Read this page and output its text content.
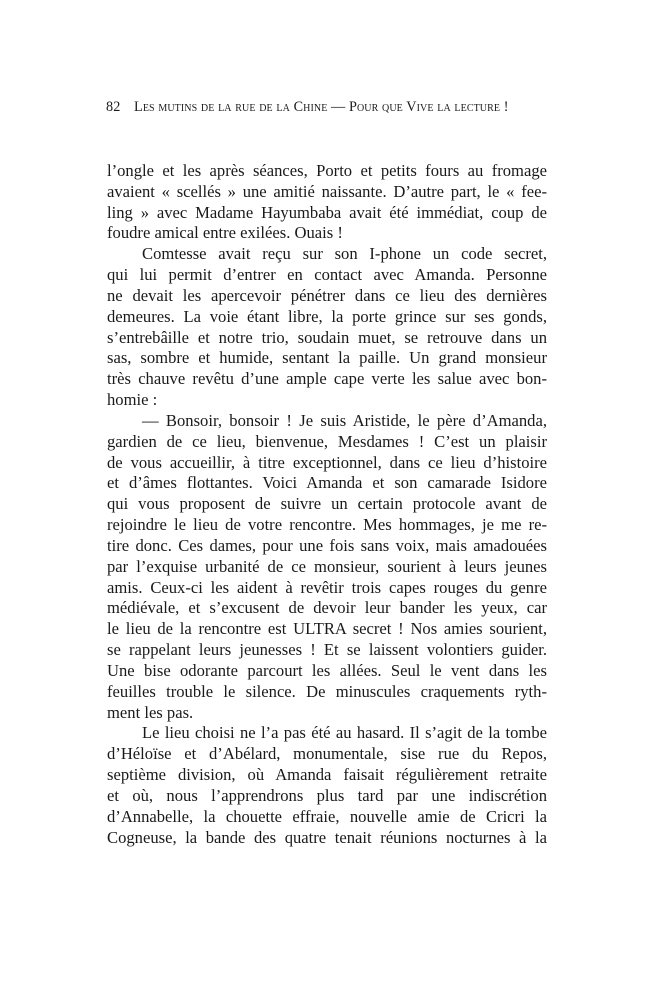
82 Les mutins de la rue de la Chine — Pour que Vive la lecture !
l’ongle et les après séances, Porto et petits fours au fromage
avaient « scellés » une amitié naissante. D’autre part, le « fee-
ling » avec Madame Hayumbaba avait été immédiat, coup de
foudre amical entre exilées. Ouais !
Comtesse avait reçu sur son I-phone un code secret,
qui lui permit d’entrer en contact avec Amanda. Personne
ne devait les apercevoir pénétrer dans ce lieu des dernières
demeures. La voie étant libre, la porte grince sur ses gonds,
s’entrebâille et notre trio, soudain muet, se retrouve dans un
sas, sombre et humide, sentant la paille. Un grand monsieur
très chauve revêtu d’une ample cape verte les salue avec bon-
homie :
— Bonsoir, bonsoir ! Je suis Aristide, le père d’Amanda,
gardien de ce lieu, bienvenue, Mesdames ! C’est un plaisir
de vous accueillir, à titre exceptionnel, dans ce lieu d’histoire
et d’âmes flottantes. Voici Amanda et son camarade Isidore
qui vous proposent de suivre un certain protocole avant de
rejoindre le lieu de votre rencontre. Mes hommages, je me re-
tire donc. Ces dames, pour une fois sans voix, mais amadouées
par l’exquise urbanité de ce monsieur, sourient à leurs jeunes
amis. Ceux-ci les aident à revêtir trois capes rouges du genre
médiévale, et s’excusent de devoir leur bander les yeux, car
le lieu de la rencontre est ULTRA secret ! Nos amies sourient,
se rappelant leurs jeunesses ! Et se laissent volontiers guider.
Une bise odorante parcourt les allées. Seul le vent dans les
feuilles trouble le silence. De minuscules craquements ryth-
ment les pas.
Le lieu choisi ne l’a pas été au hasard. Il s’agit de la tombe
d’Héloïse et d’Abélard, monumentale, sise rue du Repos,
septième division, où Amanda faisait régulièrement retraite
et où, nous l’apprendrons plus tard par une indiscrétion
d’Annabelle, la chouette effraie, nouvelle amie de Cricri la
Cogneuse, la bande des quatre tenait réunions nocturnes à la
